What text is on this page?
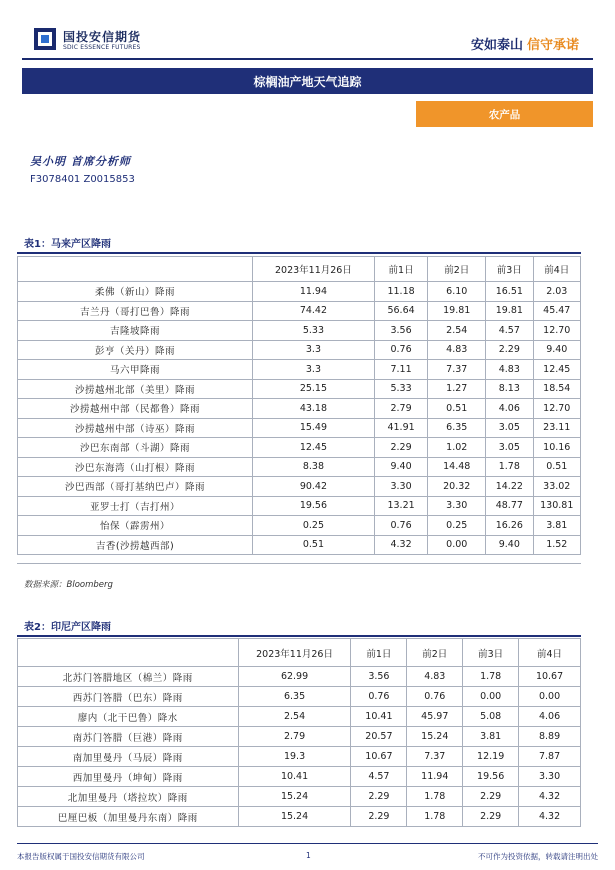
国投安信期货
SDIC ESSENCE FUTURES	安如泰山 信守承诺
棕榈油产地天气追踪
农产品
吴小明 首席分析师
F3078401 Z0015853
表1：马来产区降雨
	2023年11月26日	前1日	前2日	前3日	前4日
柔佛（新山）降雨	11.94	11.18	6.10	16.51	2.03
吉兰丹（哥打巴鲁）降雨	74.42	56.64	19.81	19.81	45.47
吉隆坡降雨	5.33	3.56	2.54	4.57	12.70
彭亨（关丹）降雨	3.3	0.76	4.83	2.29	9.40
马六甲降雨	3.3	7.11	7.37	4.83	12.45
沙捞越州北部（美里）降雨	25.15	5.33	1.27	8.13	18.54
沙捞越州中部（民都鲁）降雨	43.18	2.79	0.51	4.06	12.70
沙捞越州中部（诗巫）降雨	15.49	41.91	6.35	3.05	23.11
沙巴东南部（斗湖）降雨	12.45	2.29	1.02	3.05	10.16
沙巴东海湾（山打根）降雨	8.38	9.40	14.48	1.78	0.51
沙巴西部（哥打基纳巴卢）降雨	90.42	3.30	20.32	14.22	33.02
亚罗士打（吉打州）	19.56	13.21	3.30	48.77	130.81
怡保（霹雳州）	0.25	0.76	0.25	16.26	3.81
吉香(沙捞越西部)	0.51	4.32	0.00	9.40	1.52
数据来源：Bloomberg
表2：印尼产区降雨
	2023年11月26日	前1日	前2日	前3日	前4日
北苏门答腊地区（棉兰）降雨	62.99	3.56	4.83	1.78	10.67
西苏门答腊（巴东）降雨	6.35	0.76	0.76	0.00	0.00
廖内（北干巴鲁）降水	2.54	10.41	45.97	5.08	4.06
南苏门答腊（巨港）降雨	2.79	20.57	15.24	3.81	8.89
南加里曼丹（马辰）降雨	19.3	10.67	7.37	12.19	7.87
西加里曼丹（坤甸）降雨	10.41	4.57	11.94	19.56	3.30
北加里曼丹（塔拉坎）降雨	15.24	2.29	1.78	2.29	4.32
巴厘巴板（加里曼丹东南）降雨	15.24	2.29	1.78	2.29	4.32
本报告版权属于国投安信期货有限公司	1	不可作为投资依据，转载请注明出处
